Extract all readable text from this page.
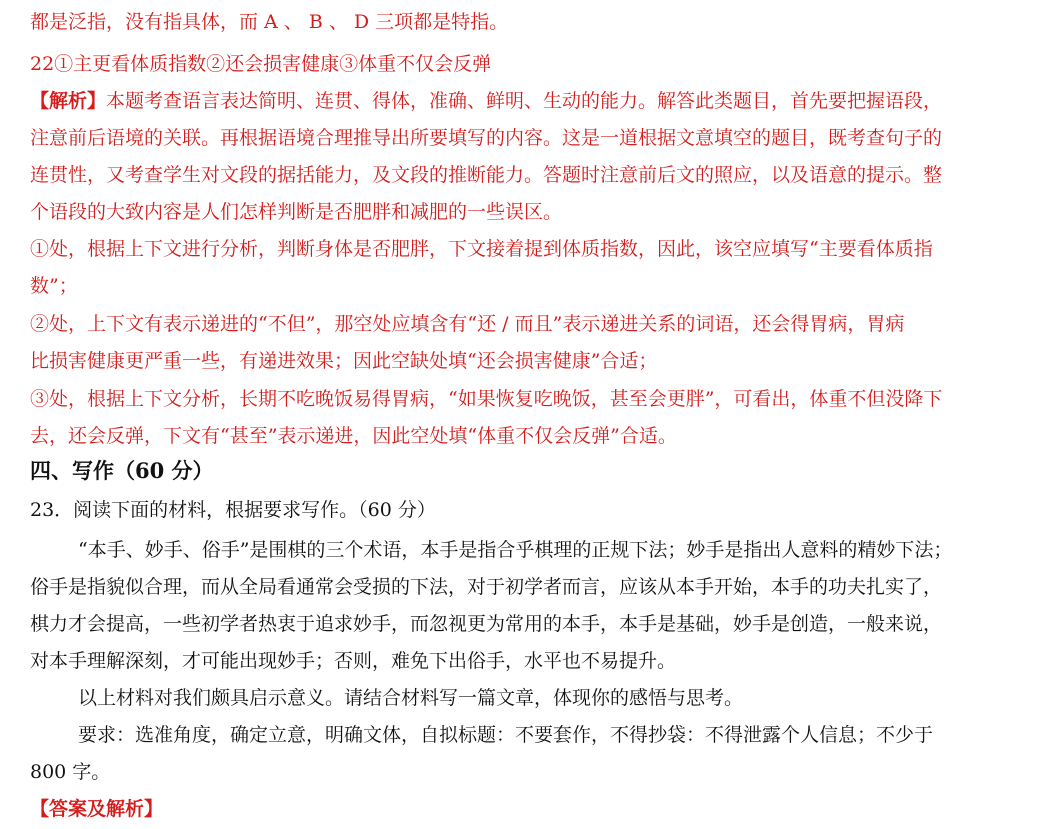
都是泛指，没有指具体，而 A 、 B 、 D 三项都是特指。
22①主更看体质指数②还会损害健康③体重不仅会反弹
【解析】本题考查语言表达简明、连贯、得体，准确、鲜明、生动的能力。解答此类题目，首先要把握语段，
注意前后语境的关联。再根据语境合理推导出所要填写的内容。这是一道根据文意填空的题目，既考查句子的
连贯性，又考查学生对文段的据括能力，及文段的推断能力。答题时注意前后文的照应，以及语意的提示。整
个语段的大致内容是人们怎样判断是否肥胖和减肥的一些误区。
①处，根据上下文进行分析，判断身体是否肥胖，下文接着提到体质指数，因此，该空应填写“主要看体质指
数”；
②处，上下文有表示递进的“不但”，那空处应填含有“还 / 而且”表示递进关系的词语，还会得胃病，胃病
比损害健康更严重一些，有递进效果；因此空缺处填“还会损害健康”合适；
③处，根据上下文分析，长期不吃晚饭易得胃病，“如果恢复吃晚饭，甚至会更胖”，可看出，体重不但没降下
去，还会反弹，下文有“甚至”表示递进，因此空处填“体重不仅会反弹”合适。
四、写作（60 分）
23．阅读下面的材料，根据要求写作。（60 分）
“本手、妙手、俗手”是围棋的三个术语，本手是指合乎棋理的正规下法；妙手是指出人意料的精妙下法；
俗手是指貌似合理，而从全局看通常会受损的下法，对于初学者而言，应该从本手开始，本手的功夫扎实了，
棋力才会提高，一些初学者热衷于追求妙手，而忽视更为常用的本手，本手是基础，妙手是创造，一般来说，
对本手理解深刻，才可能出现妙手；否则，难免下出俗手，水平也不易提升。
以上材料对我们颇具启示意义。请结合材料写一篇文章，体现你的感悟与思考。
要求：选准角度，确定立意，明确文体，自拟标题：不要套作，不得抄袋：不得泄露个人信息；不少于
800 字。
【答案及解析】
